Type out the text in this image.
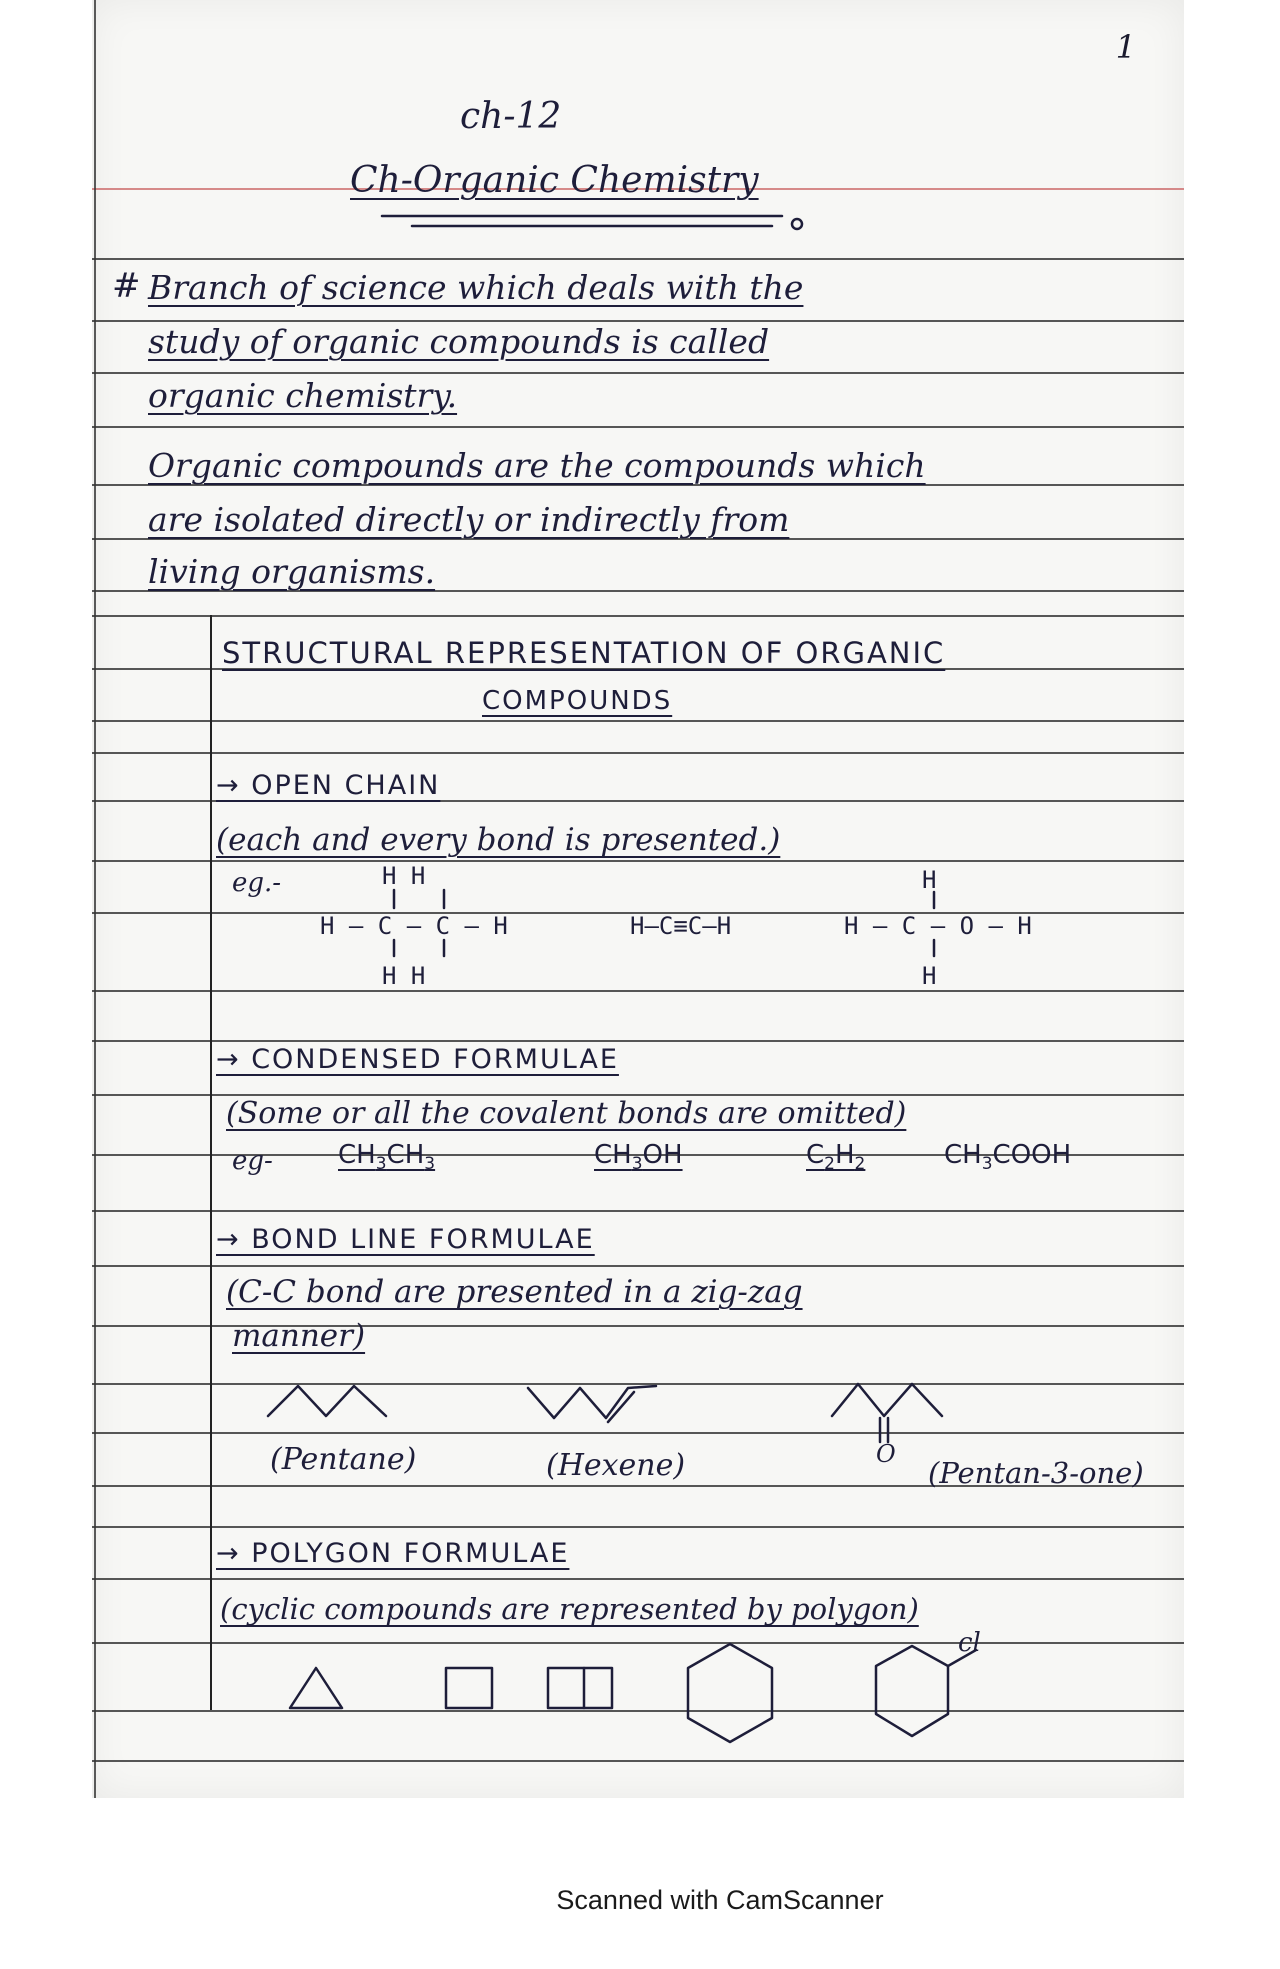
1
ch-12
Ch-Organic Chemistry
# Branch of science which deals with the
study of organic compounds is called
organic chemistry.
Organic compounds are the compounds which
are isolated directly or indirectly from
living organisms.
STRUCTURAL REPRESENTATION OF ORGANIC
COMPOUNDS
→ OPEN CHAIN
(each and every bond is presented.)
eg.-	H H
H — C — C — H
H H
H—C≡C—H
H
H — C — O — H
H
→ CONDENSED FORMULAE
(Some or all the covalent bonds are omitted)
eg-	$CH_3CH_3$	$CH_3OH$	$C_2H_2$	$CH_3COOH$
→ BOND LINE FORMULAE
(C-C bond are presented in a zig-zag
manner)
O
(Pentane)	(Hexene)	(Pentan-3-one)
→ POLYGON FORMULAE
(cyclic compounds are represented by polygon)
cl
Scanned with CamScanner
